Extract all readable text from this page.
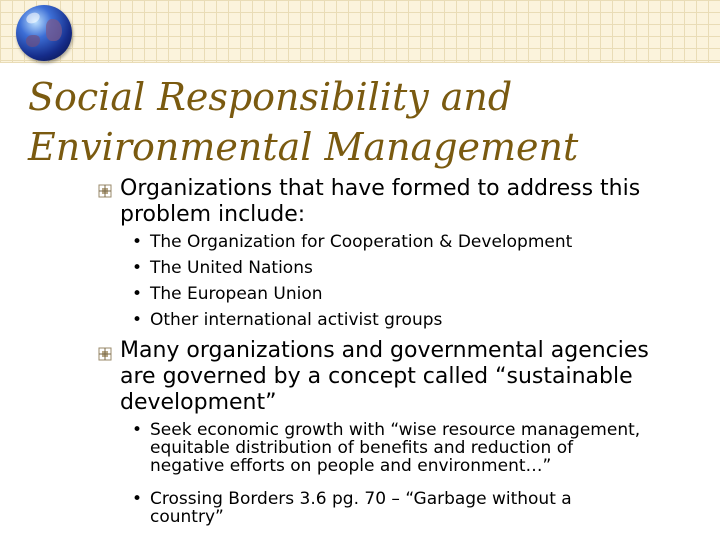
Social Responsibility and
Environmental Management
Organizations that have formed to address this
problem include:
• The Organization for Cooperation & Development
• The United Nations
• The European Union
• Other international activist groups
Many organizations and governmental agencies
are governed by a concept called “sustainable
development”
• Seek economic growth with “wise resource management,
equitable distribution of benefits and reduction of
negative efforts on people and environment…”
• Crossing Borders 3.6 pg. 70 – “Garbage without a
country”
